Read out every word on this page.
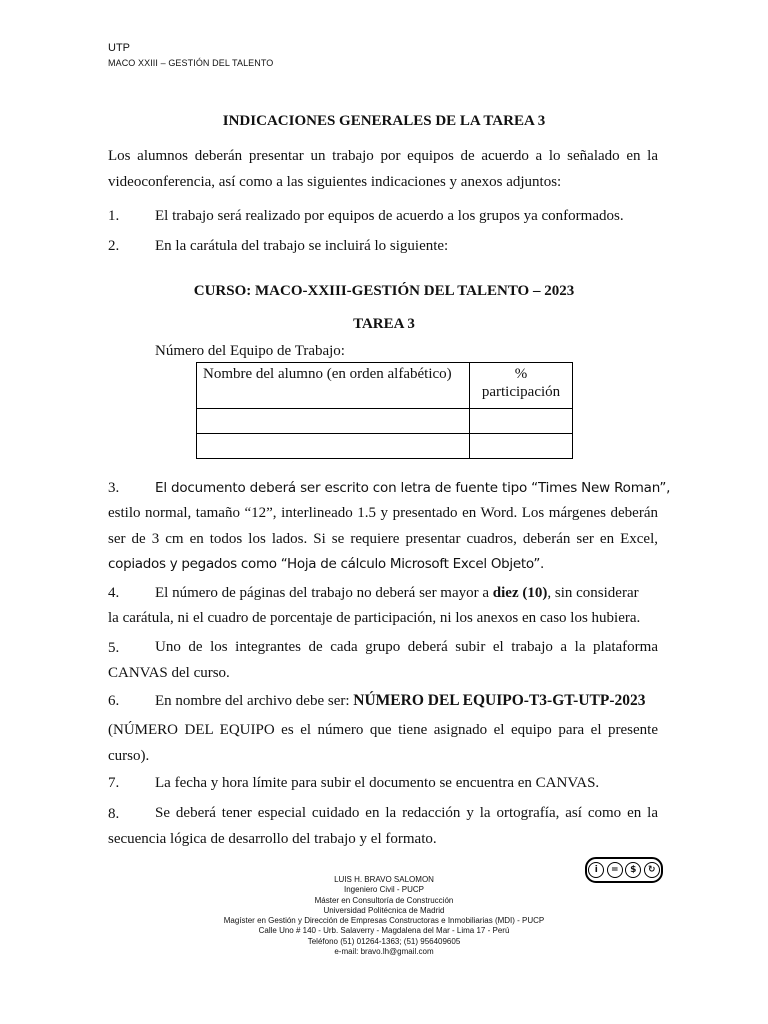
UTP
MACO XXIII – GESTIÓN DEL TALENTO
INDICACIONES GENERALES DE LA TAREA 3
Los alumnos deberán presentar un trabajo por equipos de acuerdo a lo señalado en la
videoconferencia, así como a las siguientes indicaciones y anexos adjuntos:
1. El trabajo será realizado por equipos de acuerdo a los grupos ya conformados.
2. En la carátula del trabajo se incluirá lo siguiente:
CURSO: MACO-XXIII-GESTIÓN DEL TALENTO – 2023
TAREA 3
Número del Equipo de Trabajo:
Nombre del alumno (en orden alfabético)	% participación

3.	El documento deberá ser escrito con letra de fuente tipo “Times New Roman”,
estilo normal, tamaño “12”, interlineado 1.5 y presentado en Word. Los márgenes deberán
ser de 3 cm en todos los lados. Si se requiere presentar cuadros, deberán ser en Excel,
copiados y pegados como “Hoja de cálculo Microsoft Excel Objeto”.
4. El número de páginas del trabajo no deberá ser mayor a diez (10), sin considerar
la carátula, ni el cuadro de porcentaje de participación, ni los anexos en caso los hubiera.
5. Uno de los integrantes de cada grupo deberá subir el trabajo a la plataforma
CANVAS del curso.
6. En nombre del archivo debe ser: NÚMERO DEL EQUIPO-T3-GT-UTP-2023
(NÚMERO DEL EQUIPO es el número que tiene asignado el equipo para el presente
curso).
7. La fecha y hora límite para subir el documento se encuentra en CANVAS.
8. Se deberá tener especial cuidado en la redacción y la ortografía, así como en la
secuencia lógica de desarrollo del trabajo y el formato.
i	=	$	↻
LUIS H. BRAVO SALOMON
Ingeniero Civil - PUCP
Máster en Consultoría de Construcción
Universidad Politécnica de Madrid
Magíster en Gestión y Dirección de Empresas Constructoras e Inmobiliarias (MDI) - PUCP
Calle Uno # 140 - Urb. Salaverry - Magdalena del Mar - Lima 17 - Perú
Teléfono (51) 01264-1363; (51) 956409605
e-mail: bravo.lh@gmail.com
